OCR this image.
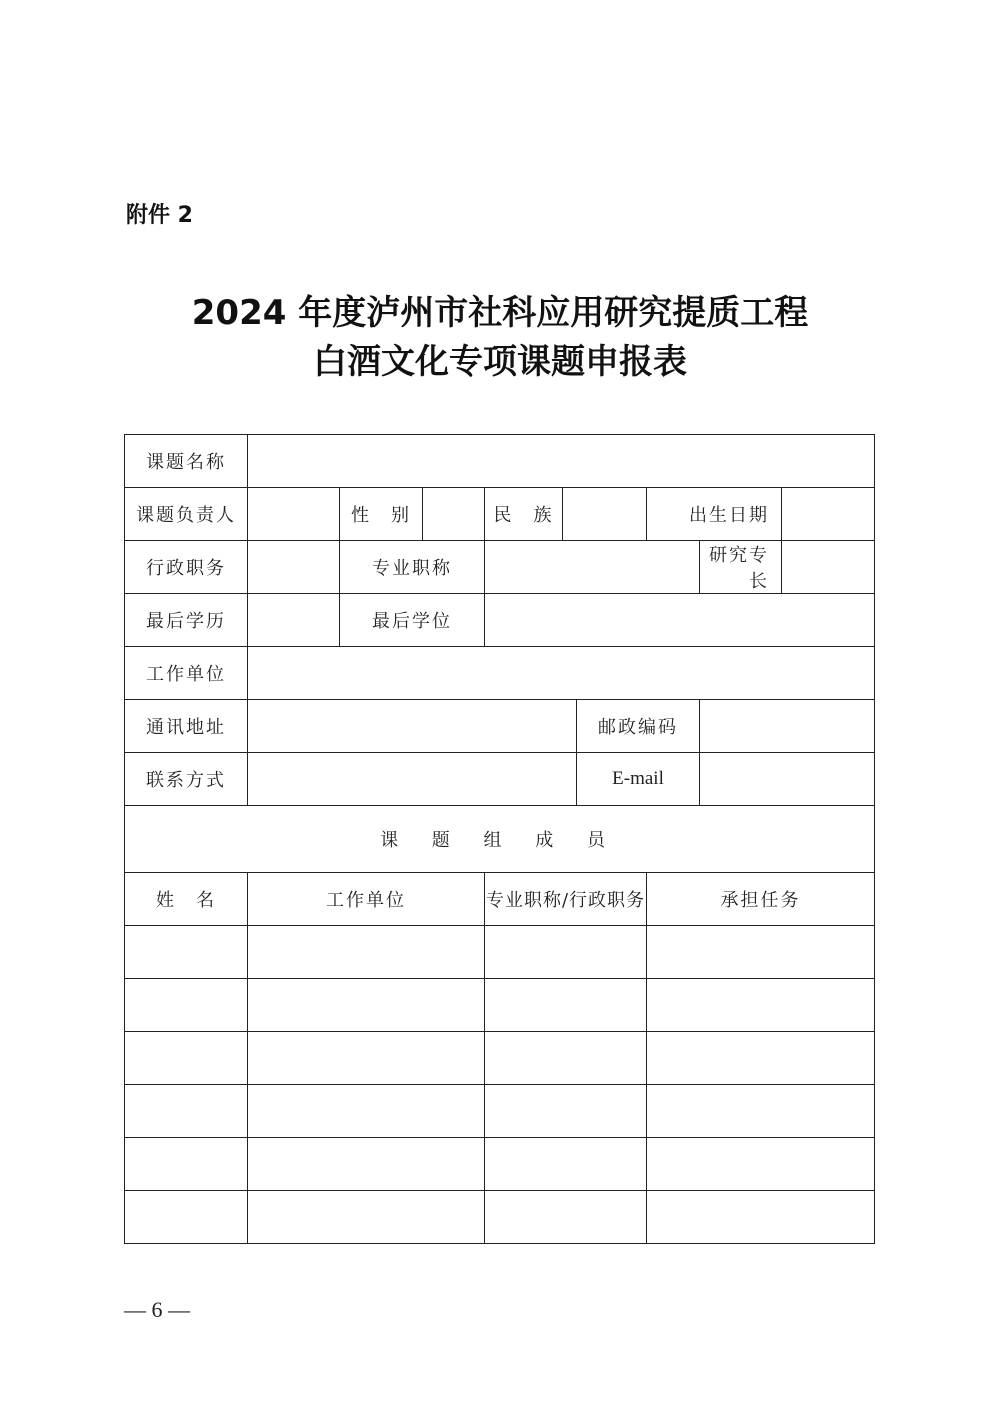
附件 2
2024 年度泸州市社科应用研究提质工程
白酒文化专项课题申报表
课题名称									
课题负责人		性　别		民　族			出生日期		
行政职务		专业职称						研究专长	
最后学历		最后学位							
工作单位									
通讯地址						邮政编码			
联系方式						E-mail			
课 题 组 成 员									
姓　名	工作单位			专业职称/行政职务			承担任务		

— 6 —
